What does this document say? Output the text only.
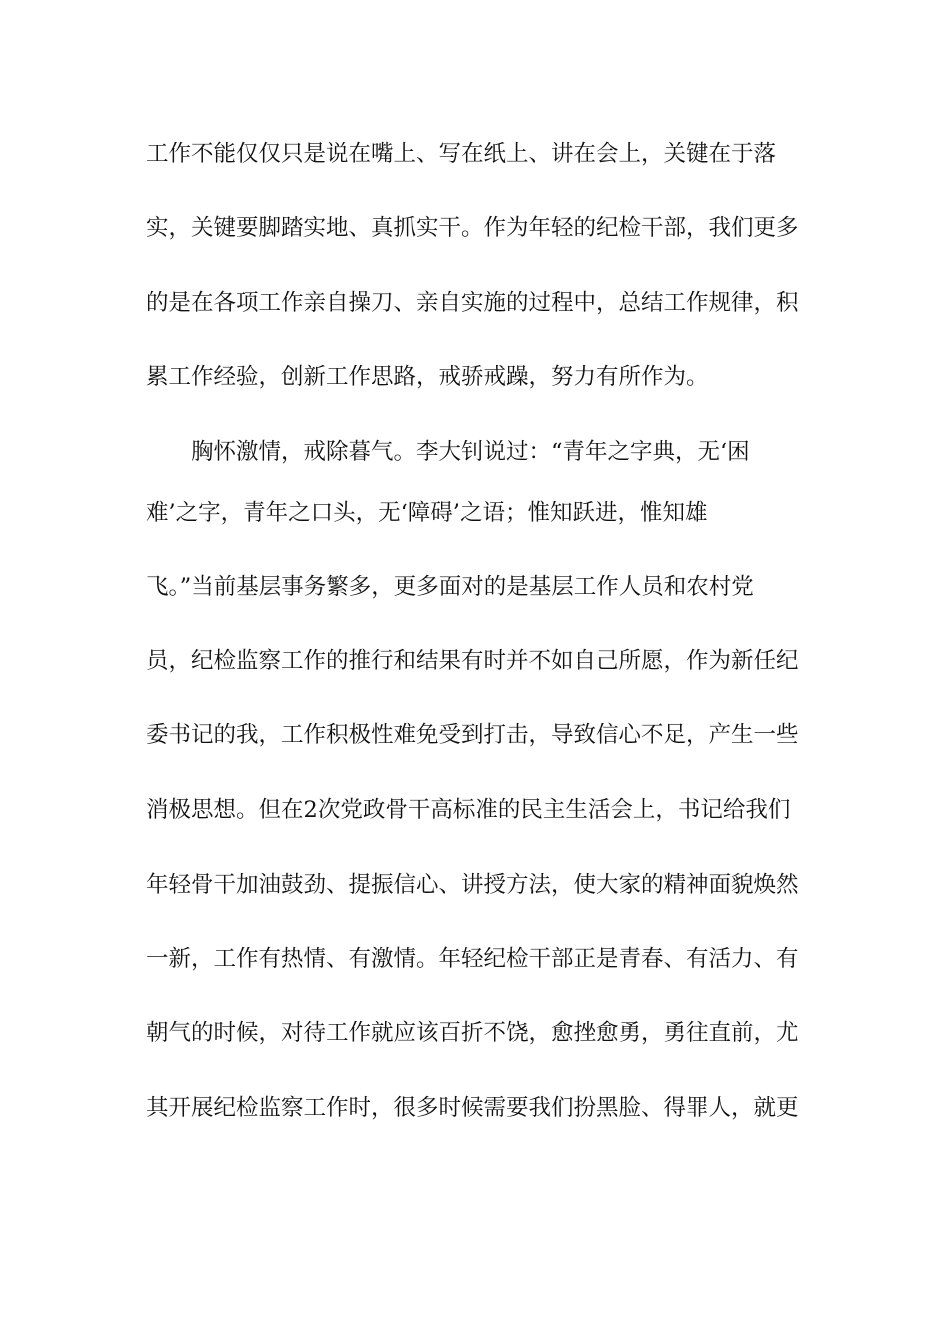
工作不能仅仅只是说在嘴上、写在纸上、讲在会上，关键在于落
实，关键要脚踏实地、真抓实干。作为年轻的纪检干部，我们更多
的是在各项工作亲自操刀、亲自实施的过程中，总结工作规律，积
累工作经验，创新工作思路，戒骄戒躁，努力有所作为。
胸怀激情，戒除暮气。李大钊说过：“青年之字典，无‘困
难’之字，青年之口头，无‘障碍’之语；惟知跃进，惟知雄
飞。”当前基层事务繁多，更多面对的是基层工作人员和农村党
员，纪检监察工作的推行和结果有时并不如自己所愿，作为新任纪
委书记的我，工作积极性难免受到打击，导致信心不足，产生一些
消极思想。但在2次党政骨干高标准的民主生活会上，书记给我们
年轻骨干加油鼓劲、提振信心、讲授方法，使大家的精神面貌焕然
一新，工作有热情、有激情。年轻纪检干部正是青春、有活力、有
朝气的时候，对待工作就应该百折不饶，愈挫愈勇，勇往直前，尤
其开展纪检监察工作时，很多时候需要我们扮黑脸、得罪人，就更
